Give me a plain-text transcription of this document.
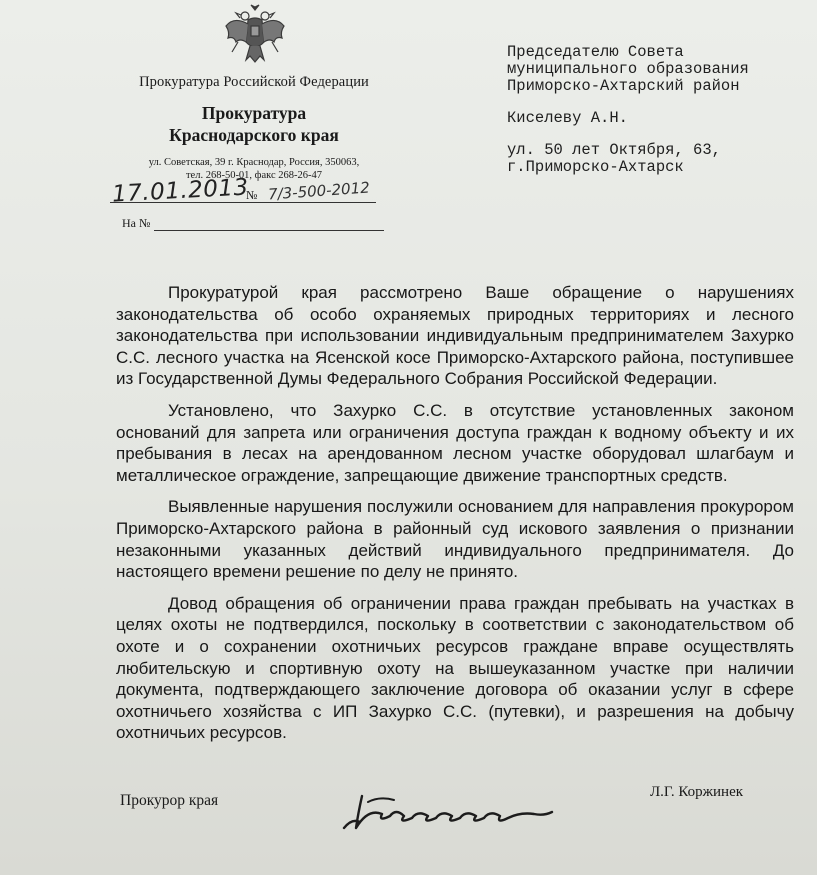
Прокуратура Российской Федерации
Прокуратура
Краснодарского края
ул. Советская, 39 г. Краснодар, Россия, 350063,
тел. 268-50-01, факс 268-26-47
17.01.2013
№ 7/3-500-2012
На №
Председателю Совета
муниципального образования
Приморско-Ахтарский район
Киселеву А.Н.
ул. 50 лет Октября, 63,
г.Приморско-Ахтарск

Прокуратурой края рассмотрено Ваше обращение о нарушениях законодательства об особо охраняемых природных территориях и лесного законодательства при использовании индивидуальным предпринимателем Захурко С.С. лесного участка на Ясенской косе Приморско-Ахтарского района, поступившее из Государственной Думы Федерального Собрания Российской Федерации.

Установлено, что Захурко С.С. в отсутствие установленных законом оснований для запрета или ограничения доступа граждан к водному объекту и их пребывания в лесах на арендованном лесном участке оборудовал шлагбаум и металлическое ограждение, запрещающие движение транспортных средств.

Выявленные нарушения послужили основанием для направления прокурором Приморско-Ахтарского района в районный суд искового заявления о признании незаконными указанных действий индивидуального предпринимателя. До настоящего времени решение по делу не принято.

Довод обращения об ограничении права граждан пребывать на участках в целях охоты не подтвердился, поскольку в соответствии с законодательством об охоте и о сохранении охотничьих ресурсов граждане вправе осуществлять любительскую и спортивную охоту на вышеуказанном участке при наличии документа, подтверждающего заключение договора об оказании услуг в сфере охотничьего хозяйства с ИП Захурко С.С. (путевки), и разрешения на добычу охотничьих ресурсов.

Прокурор края	Л.Г. Коржинек
